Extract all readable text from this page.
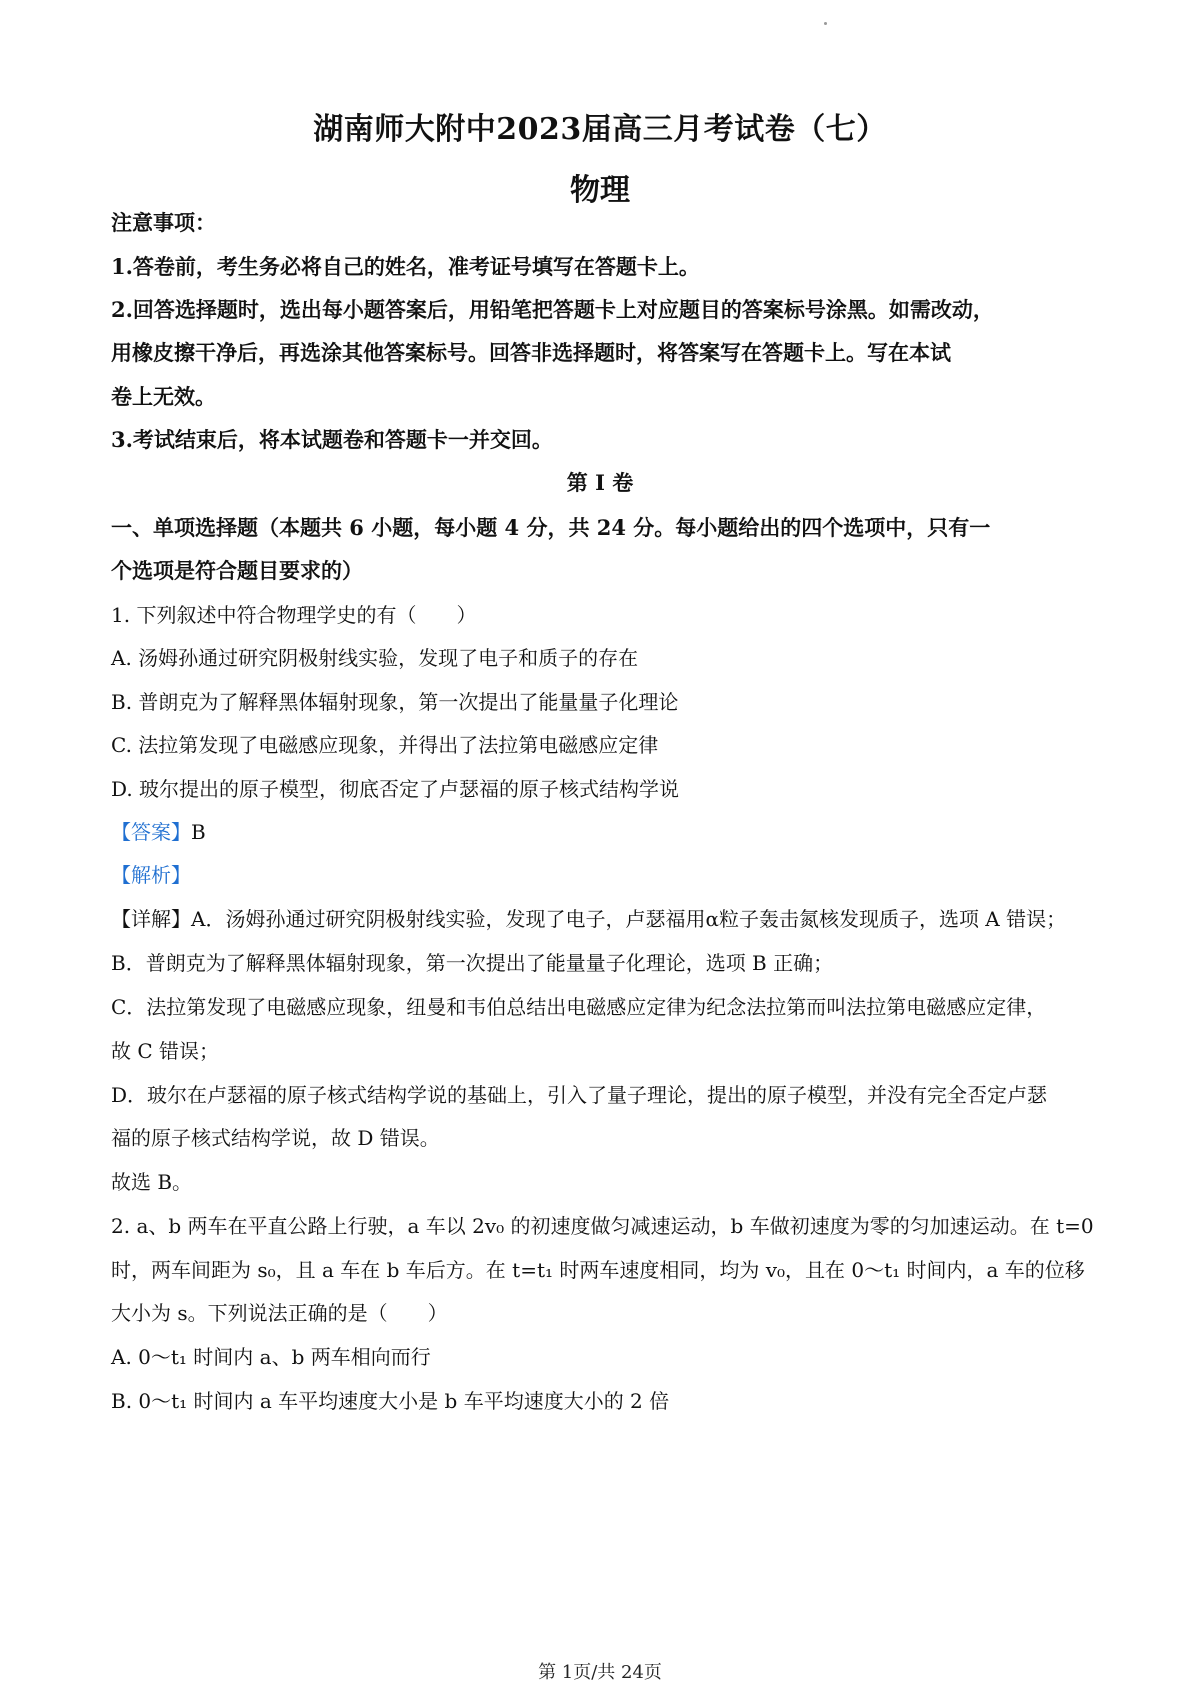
湖南师大附中2023届高三月考试卷（七）
物理
注意事项：
1.答卷前，考生务必将自己的姓名，准考证号填写在答题卡上。
2.回答选择题时，选出每小题答案后，用铅笔把答题卡上对应题目的答案标号涂黑。如需改动，
用橡皮擦干净后，再选涂其他答案标号。回答非选择题时，将答案写在答题卡上。写在本试
卷上无效。
3.考试结束后，将本试题卷和答题卡一并交回。
第 I 卷
一、单项选择题（本题共 6 小题，每小题 4 分，共 24 分。每小题给出的四个选项中，只有一
个选项是符合题目要求的）
1. 下列叙述中符合物理学史的有（　　）
A. 汤姆孙通过研究阴极射线实验，发现了电子和质子的存在
B. 普朗克为了解释黑体辐射现象，第一次提出了能量量子化理论
C. 法拉第发现了电磁感应现象，并得出了法拉第电磁感应定律
D. 玻尔提出的原子模型，彻底否定了卢瑟福的原子核式结构学说
【答案】B
【解析】
【详解】A．汤姆孙通过研究阴极射线实验，发现了电子，卢瑟福用α粒子轰击氮核发现质子，选项 A 错误；
B．普朗克为了解释黑体辐射现象，第一次提出了能量量子化理论，选项 B 正确；
C．法拉第发现了电磁感应现象，纽曼和韦伯总结出电磁感应定律为纪念法拉第而叫法拉第电磁感应定律，
故 C 错误；
D．玻尔在卢瑟福的原子核式结构学说的基础上，引入了量子理论，提出的原子模型，并没有完全否定卢瑟
福的原子核式结构学说，故 D 错误。
故选 B。
2. a、b 两车在平直公路上行驶，a 车以 2v₀ 的初速度做匀减速运动，b 车做初速度为零的匀加速运动。在 t=0
时，两车间距为 s₀，且 a 车在 b 车后方。在 t=t₁ 时两车速度相同，均为 v₀，且在 0～t₁ 时间内，a 车的位移
大小为 s。下列说法正确的是（　　）
A. 0～t₁ 时间内 a、b 两车相向而行
B. 0～t₁ 时间内 a 车平均速度大小是 b 车平均速度大小的 2 倍
第 1页/共 24页
